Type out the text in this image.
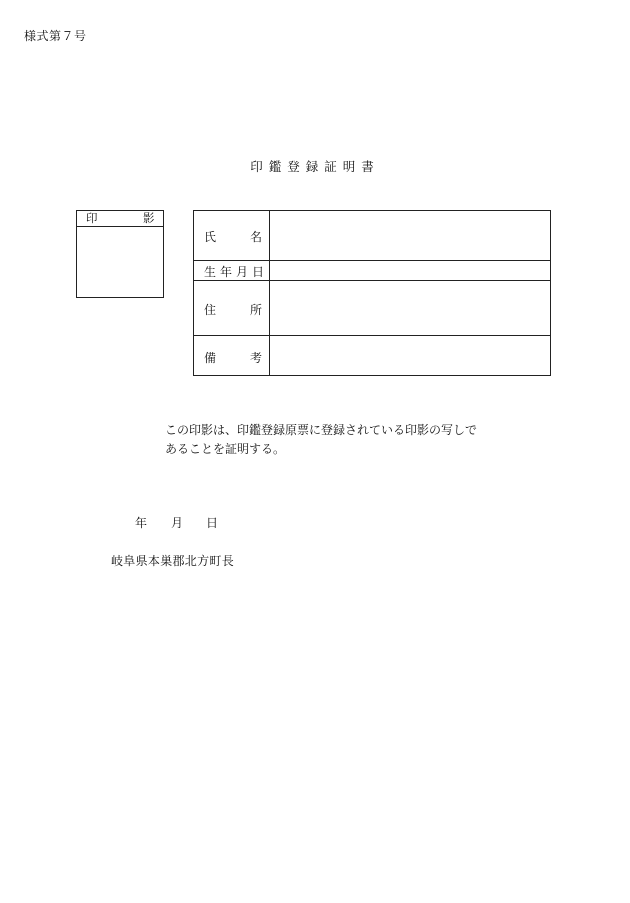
様式第７号
印鑑登録証明書
印	影
氏	名
生年月日
住	所
備	考
この印影は、印鑑登録原票に登録されている印影の写しで
あることを証明する。
年 月 日
岐阜県本巣郡北方町長
